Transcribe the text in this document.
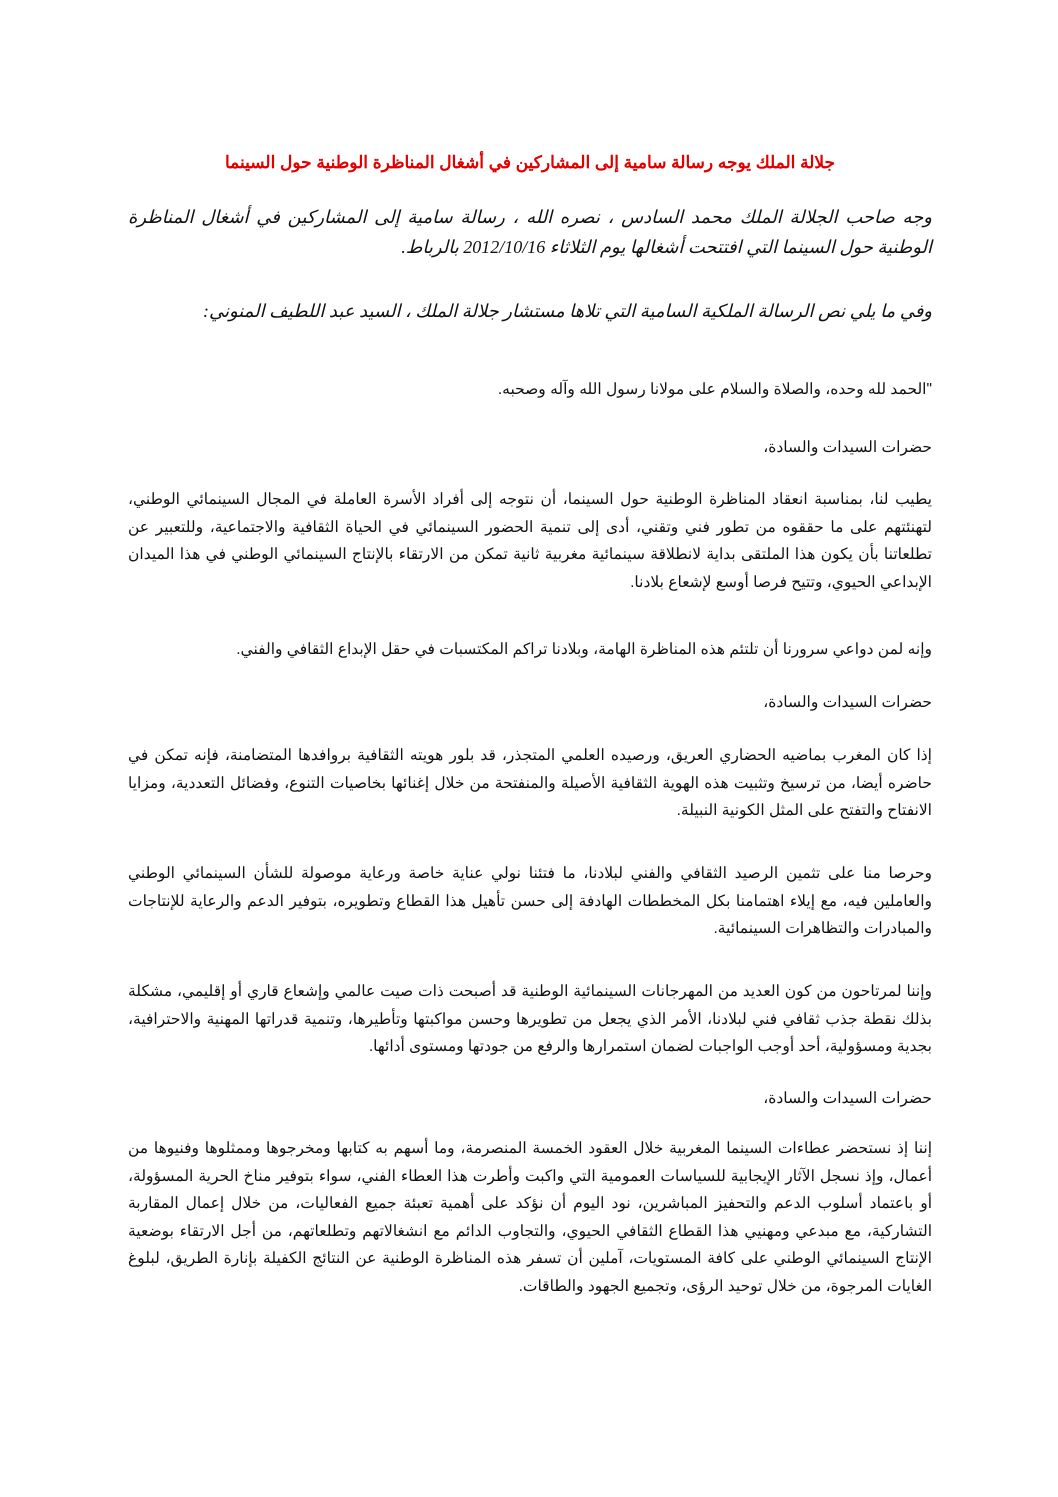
جلالة الملك يوجه رسالة سامية إلى المشاركين في أشغال المناظرة الوطنية حول السينما
وجه صاحب الجلالة الملك محمد السادس ، نصره الله ، رسالة سامية إلى المشاركين في أشغال المناظرة الوطنية حول السينما التي افتتحت أشغالها يوم الثلاثاء 2012/10/16 بالرباط.
وفي ما يلي نص الرسالة الملكية السامية التي تلاها مستشار جلالة الملك ، السيد عبد اللطيف المنوني:
"الحمد لله وحده، والصلاة والسلام على مولانا رسول الله وآله وصحبه.
حضرات السيدات والسادة،
يطيب لنا، بمناسبة انعقاد المناظرة الوطنية حول السينما، أن نتوجه إلى أفراد الأسرة العاملة في المجال السينمائي الوطني، لتهنئتهم على ما حققوه من تطور فني وتقني، أدى إلى تنمية الحضور السينمائي في الحياة الثقافية والاجتماعية، وللتعبير عن تطلعاتنا بأن يكون هذا الملتقى بداية لانطلاقة سينمائية مغربية ثانية تمكن من الارتقاء بالإنتاج السينمائي الوطني في هذا الميدان الإبداعي الحيوي، وتتيح فرصا أوسع لإشعاع بلادنا.
وإنه لمن دواعي سرورنا أن تلتئم هذه المناظرة الهامة، وبلادنا تراكم المكتسبات في حقل الإبداع الثقافي والفني.
حضرات السيدات والسادة،
إذا كان المغرب بماضيه الحضاري العريق، ورصيده العلمي المتجذر، قد بلور هويته الثقافية بروافدها المتضامنة، فإنه تمكن في حاضره أيضا، من ترسيخ وتثبيت هذه الهوية الثقافية الأصيلة والمنفتحة من خلال إغنائها بخاصيات التنوع، وفضائل التعددية، ومزايا الانفتاح والتفتح على المثل الكونية النبيلة.
وحرصا منا على تثمين الرصيد الثقافي والفني لبلادنا، ما فتئنا نولي عناية خاصة ورعاية موصولة للشأن السينمائي الوطني والعاملين فيه، مع إيلاء اهتمامنا بكل المخططات الهادفة إلى حسن تأهيل هذا القطاع وتطويره، بتوفير الدعم والرعاية للإنتاجات والمبادرات والتظاهرات السينمائية.
وإننا لمرتاحون من كون العديد من المهرجانات السينمائية الوطنية قد أصبحت ذات صيت عالمي وإشعاع قاري أو إقليمي، مشكلة بذلك نقطة جذب ثقافي فني لبلادنا، الأمر الذي يجعل من تطويرها وحسن مواكبتها وتأطيرها، وتنمية قدراتها المهنية والاحترافية، بجدية ومسؤولية، أحد أوجب الواجبات لضمان استمرارها والرفع من جودتها ومستوى أدائها.
حضرات السيدات والسادة،
إننا إذ نستحضر عطاءات السينما المغربية خلال العقود الخمسة المنصرمة، وما أسهم به كتابها ومخرجوها وممثلوها وفنيوها من أعمال، وإذ نسجل الآثار الإيجابية للسياسات العمومية التي واكبت وأطرت هذا العطاء الفني، سواء بتوفير مناخ الحرية المسؤولة، أو باعتماد أسلوب الدعم والتحفيز المباشرين، نود اليوم أن نؤكد على أهمية تعبئة جميع الفعاليات، من خلال إعمال المقاربة التشاركية، مع مبدعي ومهنيي هذا القطاع الثقافي الحيوي، والتجاوب الدائم مع انشغالاتهم وتطلعاتهم، من أجل الارتقاء بوضعية الإنتاج السينمائي الوطني على كافة المستويات، آملين أن تسفر هذه المناظرة الوطنية عن النتائج الكفيلة بإنارة الطريق، لبلوغ الغايات المرجوة، من خلال توحيد الرؤى، وتجميع الجهود والطاقات.
